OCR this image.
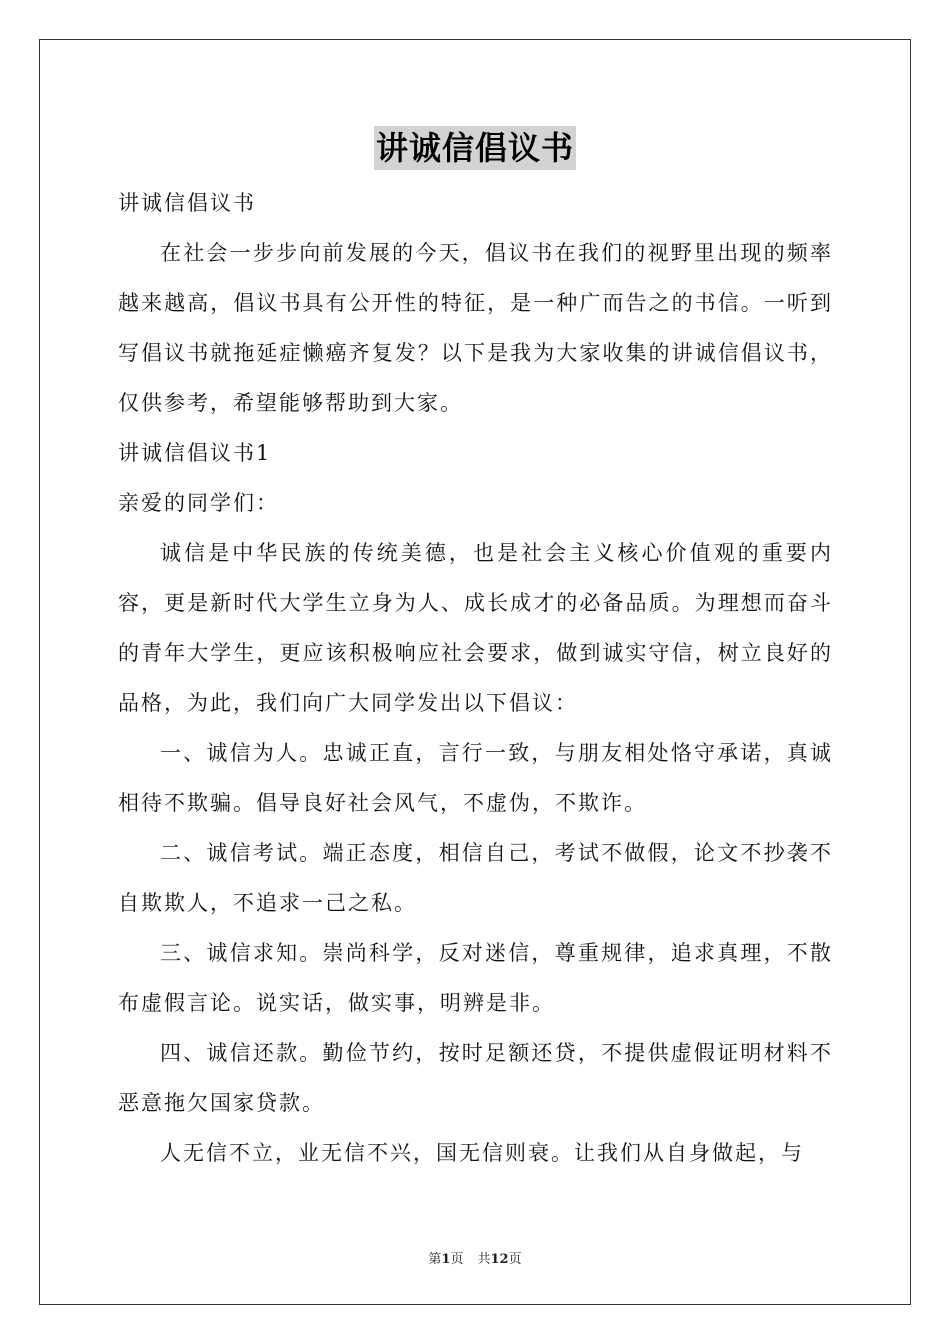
讲诚信倡议书
讲诚信倡议书

在社会一步步向前发展的今天，倡议书在我们的视野里出现的频率越来越高，倡议书具有公开性的特征，是一种广而告之的书信。一听到写倡议书就拖延症懒癌齐复发？以下是我为大家收集的讲诚信倡议书，仅供参考，希望能够帮助到大家。

讲诚信倡议书1
亲爱的同学们：

诚信是中华民族的传统美德，也是社会主义核心价值观的重要内容，更是新时代大学生立身为人、成长成才的必备品质。为理想而奋斗的青年大学生，更应该积极响应社会要求，做到诚实守信，树立良好的品格，为此，我们向广大同学发出以下倡议：

一、诚信为人。忠诚正直，言行一致，与朋友相处恪守承诺，真诚相待不欺骗。倡导良好社会风气，不虚伪，不欺诈。

二、诚信考试。端正态度，相信自己，考试不做假，论文不抄袭不自欺欺人，不追求一己之私。

三、诚信求知。崇尚科学，反对迷信，尊重规律，追求真理，不散布虚假言论。说实话，做实事，明辨是非。

四、诚信还款。勤俭节约，按时足额还贷，不提供虚假证明材料不恶意拖欠国家贷款。

人无信不立，业无信不兴，国无信则衰。让我们从自身做起，与

第1页 共12页
